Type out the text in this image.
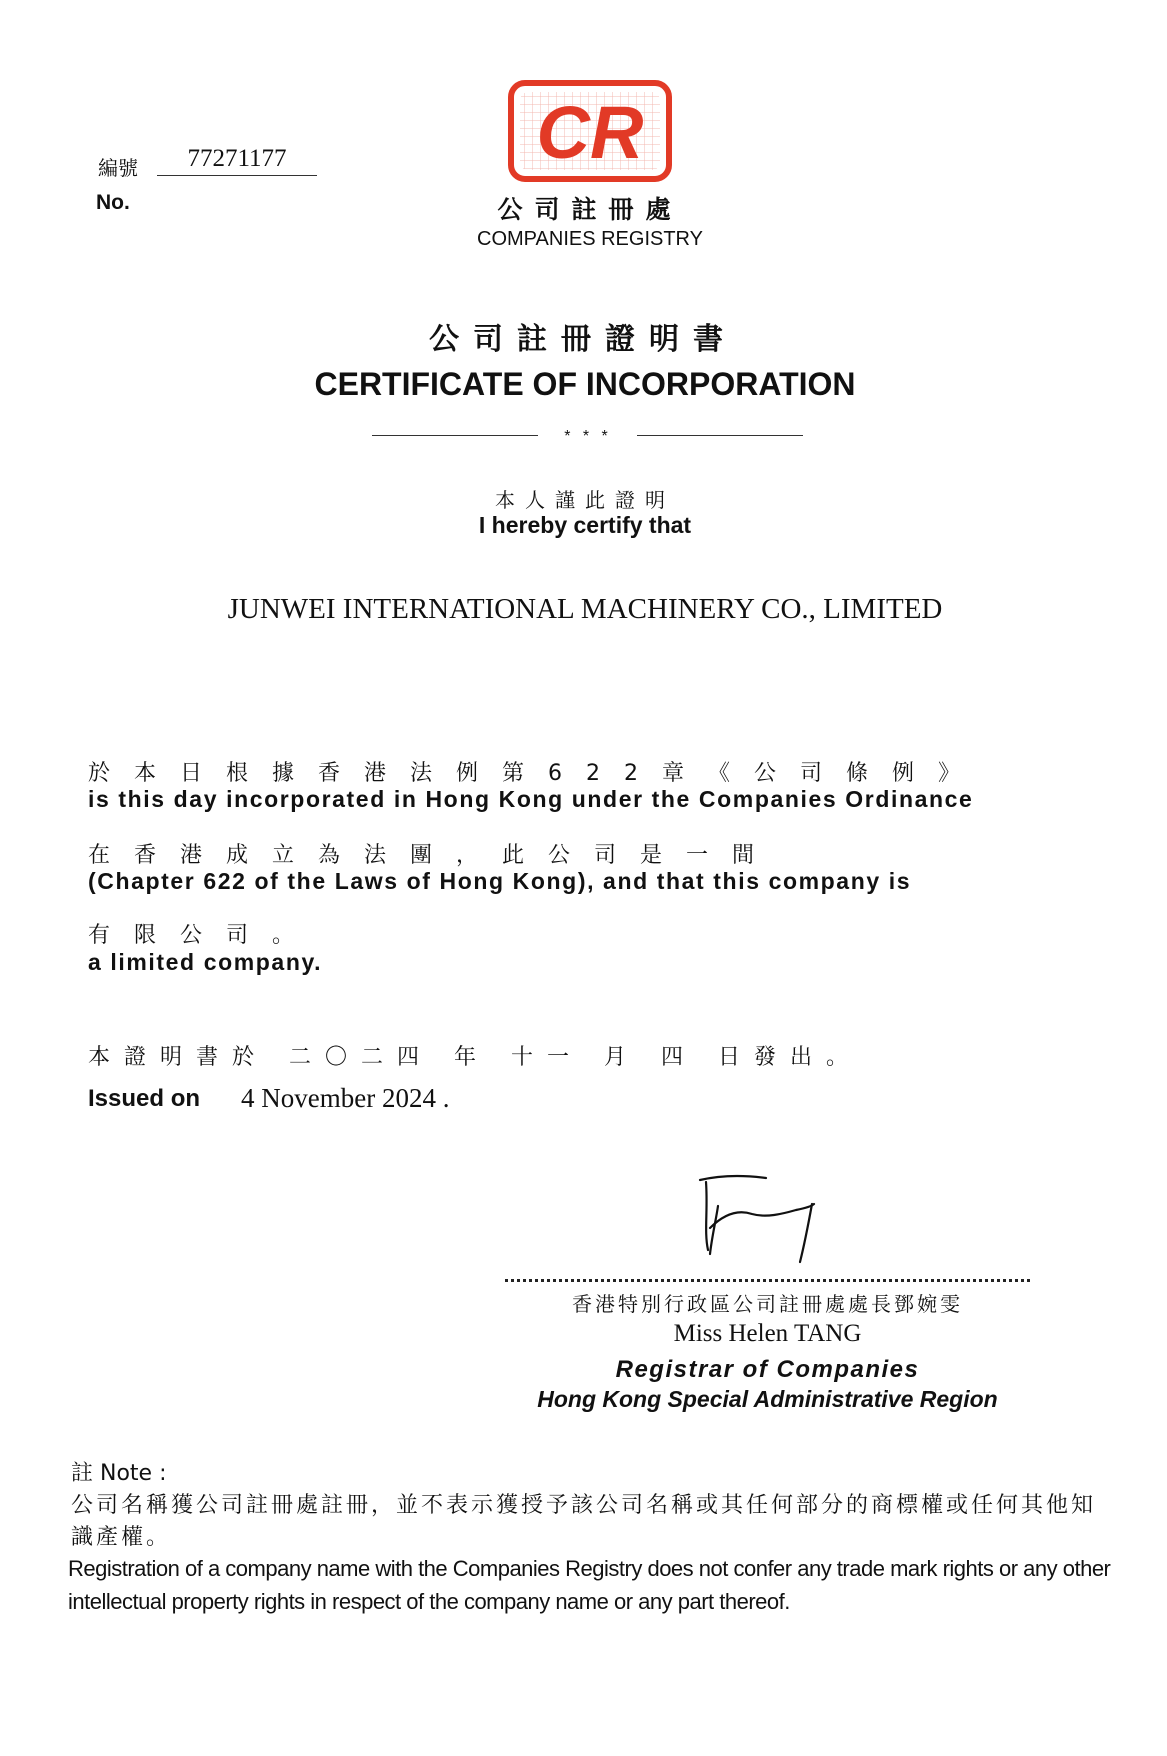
編號	77271177
No.
CR
公司註冊處
COMPANIES REGISTRY
公司註冊證明書
CERTIFICATE OF INCORPORATION
* * *
本人謹此證明
I hereby certify that
JUNWEI INTERNATIONAL MACHINERY CO., LIMITED
於本日根據香港法例第622章《公司條例》
is this day incorporated in Hong Kong under the Companies Ordinance
在香港成立為法團，此公司是一間
(Chapter 622 of the Laws of Hong Kong), and that this company is
有限公司。
a limited company.
本證明書於 二〇二四 年 十一 月 四 日發出。
Issued on 4 November 2024 .
香港特別行政區公司註冊處處長鄧婉雯
Miss Helen TANG
Registrar of Companies
Hong Kong Special Administrative Region
註 Note :
公司名稱獲公司註冊處註冊，並不表示獲授予該公司名稱或其任何部分的商標權或任何其他知識產權。
Registration of a company name with the Companies Registry does not confer any trade mark rights or any other intellectual property rights in respect of the company name or any part thereof.
